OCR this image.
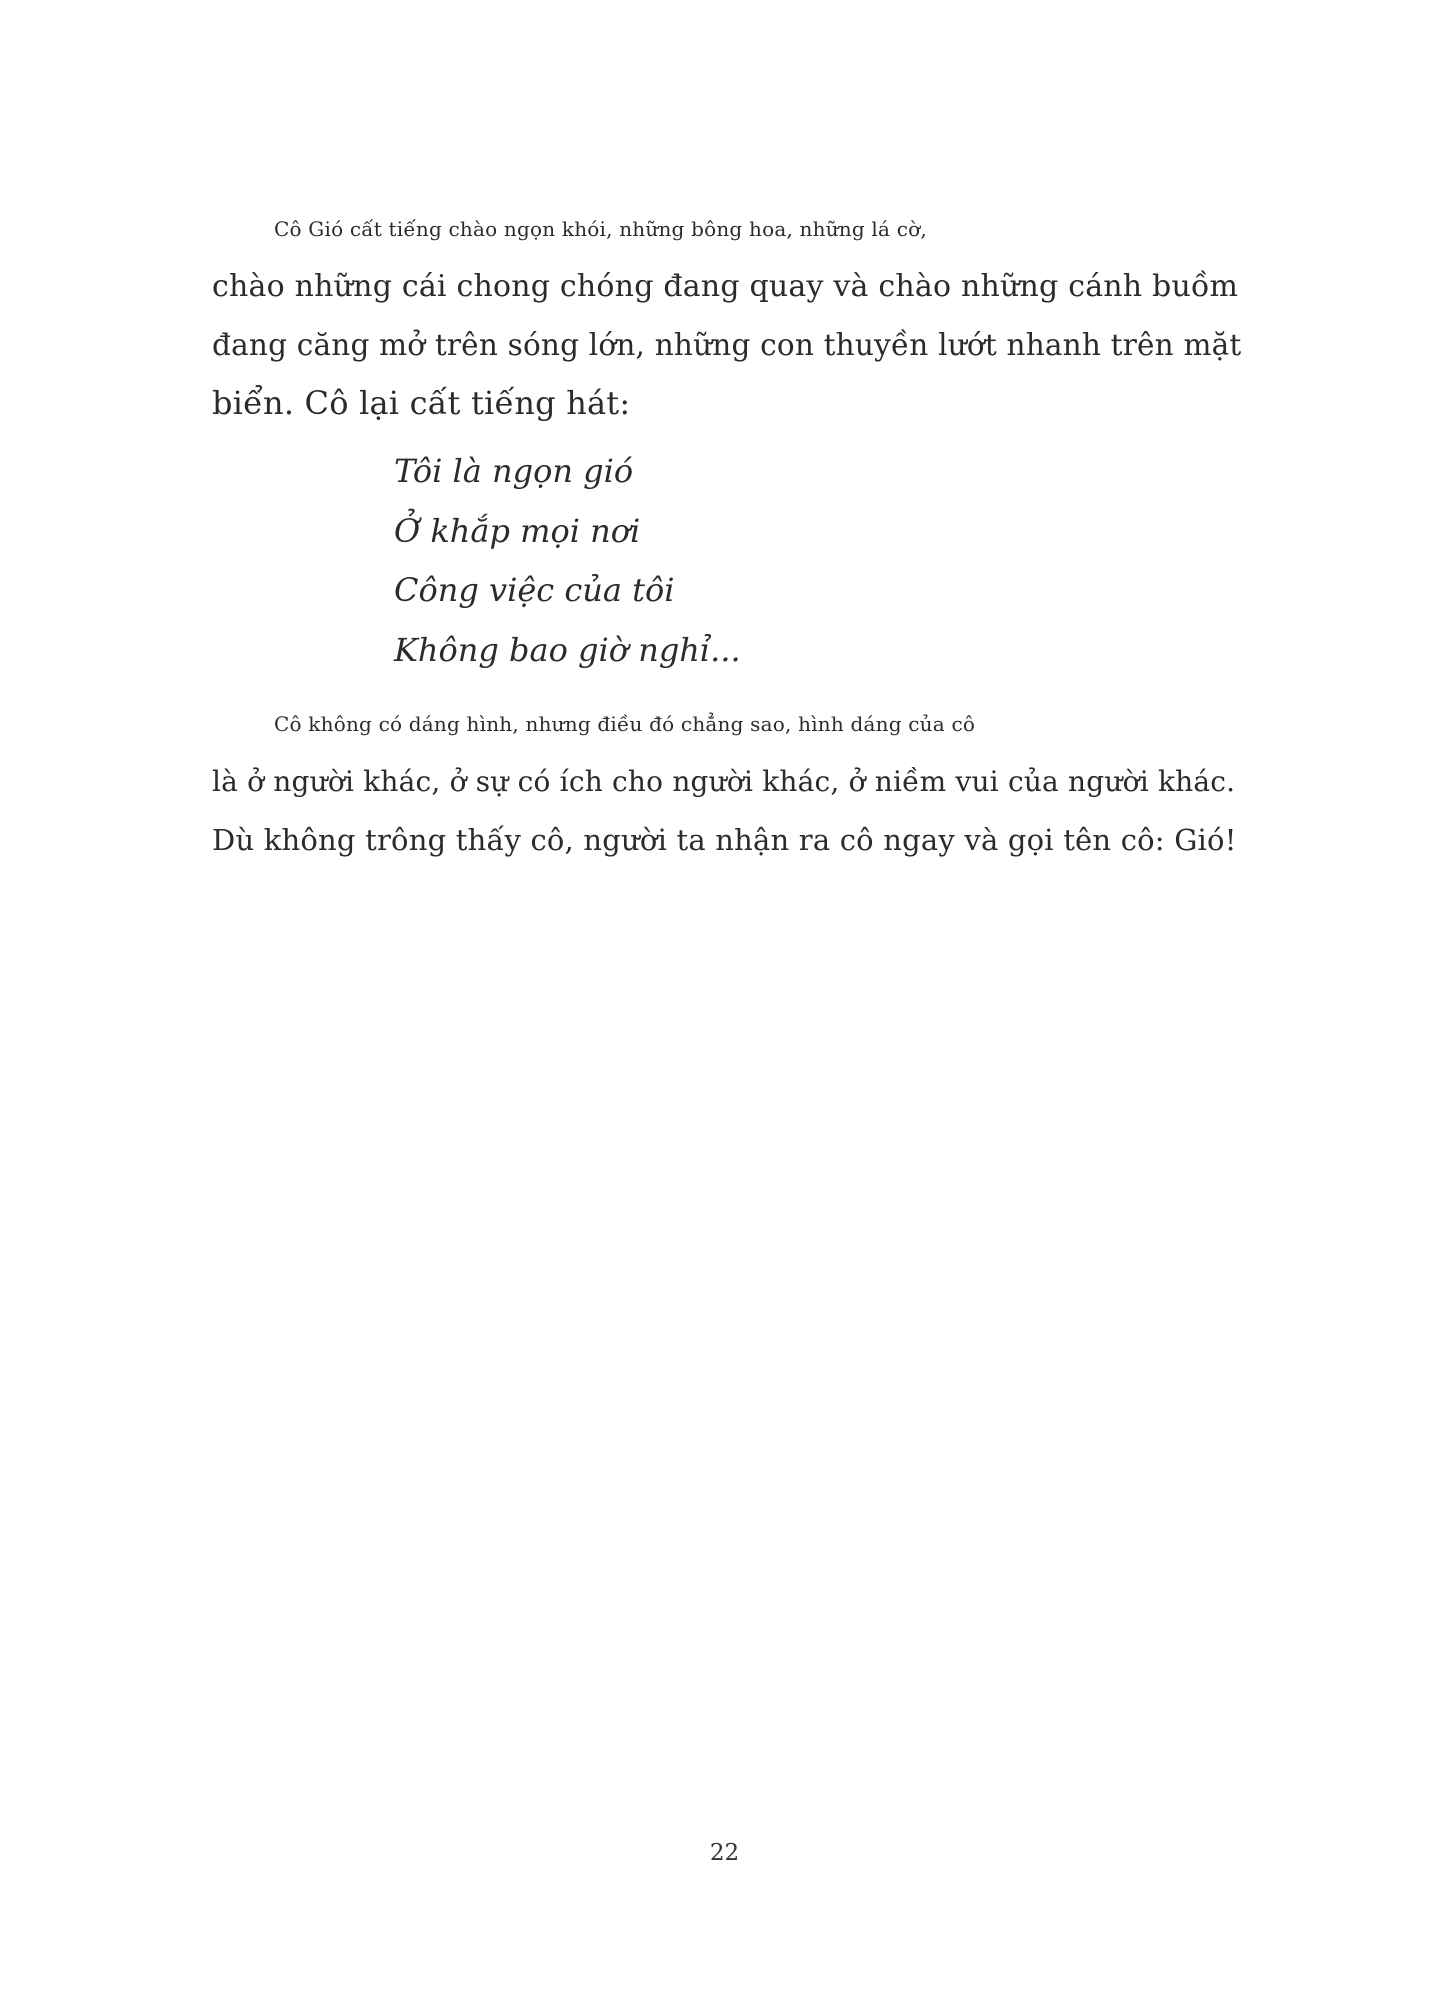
Cô Gió cất tiếng chào ngọn khói, những bông hoa, những lá cờ,
chào những cái chong chóng đang quay và chào những cánh buồm
đang căng mở trên sóng lớn, những con thuyền lướt nhanh trên mặt
biển. Cô lại cất tiếng hát:

Tôi là ngọn gió
Ở khắp mọi nơi
Công việc của tôi
Không bao giờ nghỉ...

Cô không có dáng hình, nhưng điều đó chẳng sao, hình dáng của cô
là ở người khác, ở sự có ích cho người khác, ở niềm vui của người khác.
Dù không trông thấy cô, người ta nhận ra cô ngay và gọi tên cô: Gió!

22
